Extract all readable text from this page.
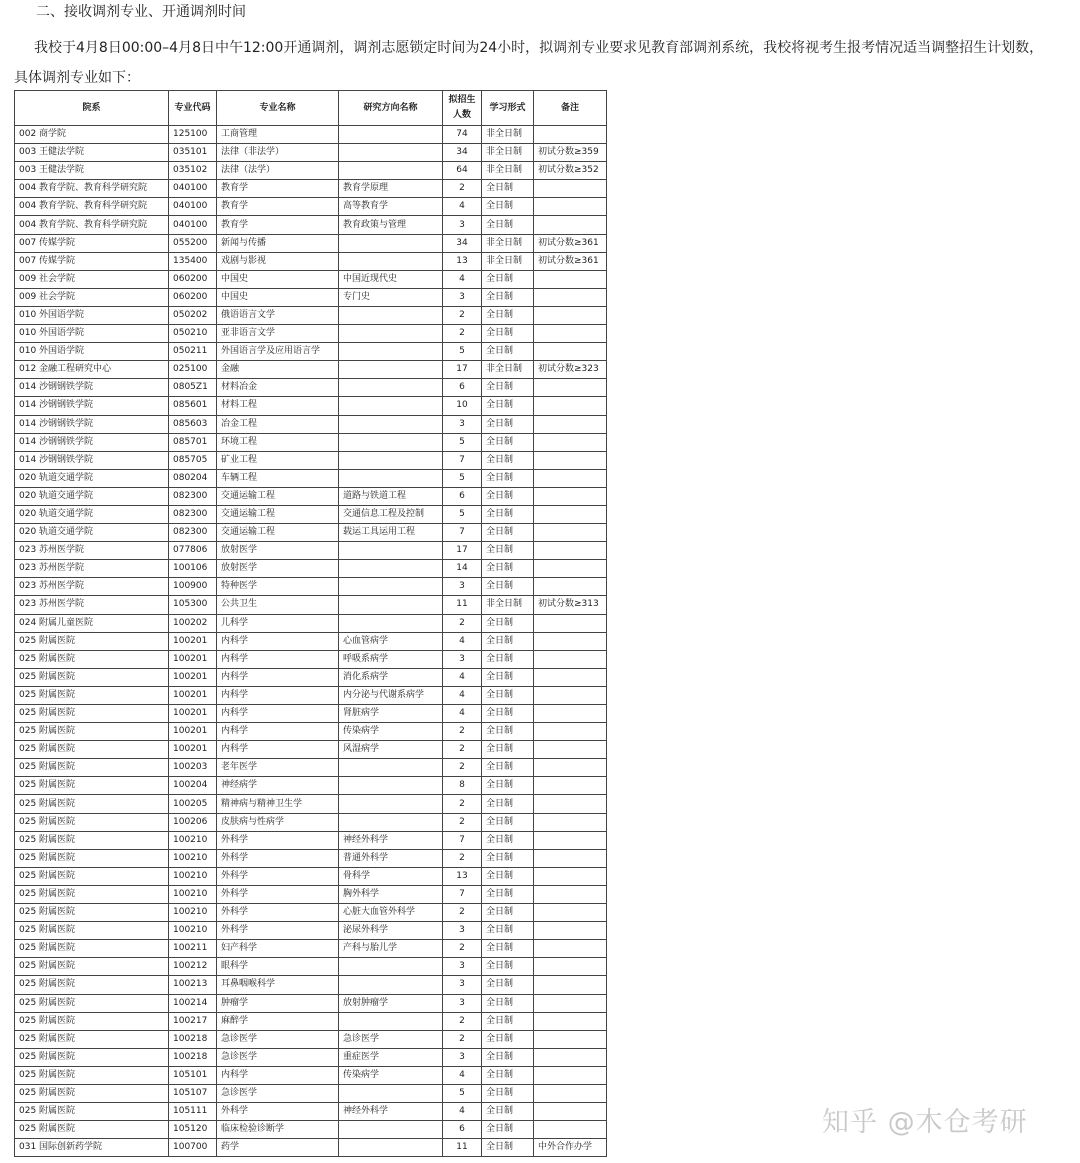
二、接收调剂专业、开通调剂时间
我校于4月8日00:00–4月8日中午12:00开通调剂，调剂志愿锁定时间为24小时，拟调剂专业要求见教育部调剂系统，我校将视考生报考情况适当调整招生计划数，具体调剂专业如下：
院系	专业代码	专业名称	研究方向名称	拟招生人数	学习形式	备注
002 商学院	125100	工商管理		74	非全日制	
003 王健法学院	035101	法律（非法学）		34	非全日制	初试分数≥359
003 王健法学院	035102	法律（法学）		64	非全日制	初试分数≥352
004 教育学院、教育科学研究院	040100	教育学	教育学原理	2	全日制	
004 教育学院、教育科学研究院	040100	教育学	高等教育学	4	全日制	
004 教育学院、教育科学研究院	040100	教育学	教育政策与管理	3	全日制	
007 传媒学院	055200	新闻与传播		34	非全日制	初试分数≥361
007 传媒学院	135400	戏剧与影视		13	非全日制	初试分数≥361
009 社会学院	060200	中国史	中国近现代史	4	全日制	
009 社会学院	060200	中国史	专门史	3	全日制	
010 外国语学院	050202	俄语语言文学		2	全日制	
010 外国语学院	050210	亚非语言文学		2	全日制	
010 外国语学院	050211	外国语言学及应用语言学		5	全日制	
012 金融工程研究中心	025100	金融		17	非全日制	初试分数≥323
014 沙钢钢铁学院	0805Z1	材料冶金		6	全日制	
014 沙钢钢铁学院	085601	材料工程		10	全日制	
014 沙钢钢铁学院	085603	冶金工程		3	全日制	
014 沙钢钢铁学院	085701	环境工程		5	全日制	
014 沙钢钢铁学院	085705	矿业工程		7	全日制	
020 轨道交通学院	080204	车辆工程		5	全日制	
020 轨道交通学院	082300	交通运输工程	道路与铁道工程	6	全日制	
020 轨道交通学院	082300	交通运输工程	交通信息工程及控制	5	全日制	
020 轨道交通学院	082300	交通运输工程	载运工具运用工程	7	全日制	
023 苏州医学院	077806	放射医学		17	全日制	
023 苏州医学院	100106	放射医学		14	全日制	
023 苏州医学院	100900	特种医学		3	全日制	
023 苏州医学院	105300	公共卫生		11	非全日制	初试分数≥313
024 附属儿童医院	100202	儿科学		2	全日制	
025 附属医院	100201	内科学	心血管病学	4	全日制	
025 附属医院	100201	内科学	呼吸系病学	3	全日制	
025 附属医院	100201	内科学	消化系病学	4	全日制	
025 附属医院	100201	内科学	内分泌与代谢系病学	4	全日制	
025 附属医院	100201	内科学	肾脏病学	4	全日制	
025 附属医院	100201	内科学	传染病学	2	全日制	
025 附属医院	100201	内科学	风湿病学	2	全日制	
025 附属医院	100203	老年医学		2	全日制	
025 附属医院	100204	神经病学		8	全日制	
025 附属医院	100205	精神病与精神卫生学		2	全日制	
025 附属医院	100206	皮肤病与性病学		2	全日制	
025 附属医院	100210	外科学	神经外科学	7	全日制	
025 附属医院	100210	外科学	普通外科学	2	全日制	
025 附属医院	100210	外科学	骨科学	13	全日制	
025 附属医院	100210	外科学	胸外科学	7	全日制	
025 附属医院	100210	外科学	心脏大血管外科学	2	全日制	
025 附属医院	100210	外科学	泌尿外科学	3	全日制	
025 附属医院	100211	妇产科学	产科与胎儿学	2	全日制	
025 附属医院	100212	眼科学		3	全日制	
025 附属医院	100213	耳鼻咽喉科学		3	全日制	
025 附属医院	100214	肿瘤学	放射肿瘤学	3	全日制	
025 附属医院	100217	麻醉学		2	全日制	
025 附属医院	100218	急诊医学	急诊医学	2	全日制	
025 附属医院	100218	急诊医学	重症医学	3	全日制	
025 附属医院	105101	内科学	传染病学	4	全日制	
025 附属医院	105107	急诊医学		5	全日制	
025 附属医院	105111	外科学	神经外科学	4	全日制	
025 附属医院	105120	临床检验诊断学		6	全日制	
031 国际创新药学院	100700	药学		11	全日制	中外合作办学
知乎 @木仓考研
